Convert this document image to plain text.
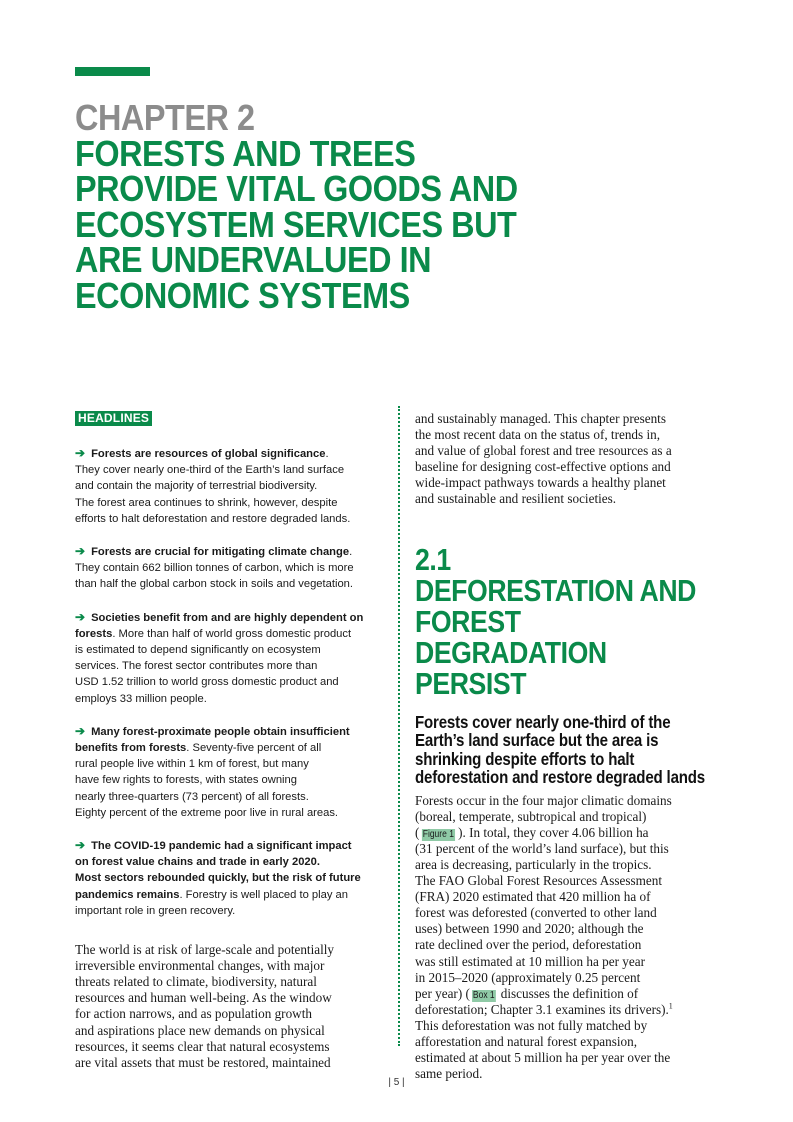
CHAPTER 2
FORESTS AND TREES
PROVIDE VITAL GOODS AND
ECOSYSTEM SERVICES BUT
ARE UNDERVALUED IN
ECONOMIC SYSTEMS
HEADLINES

➔ Forests are resources of global significance.
They cover nearly one-third of the Earth’s land surface
and contain the majority of terrestrial biodiversity.
The forest area continues to shrink, however, despite
efforts to halt deforestation and restore degraded lands.

➔ Forests are crucial for mitigating climate change.
They contain 662 billion tonnes of carbon, which is more
than half the global carbon stock in soils and vegetation.

➔ Societies benefit from and are highly dependent on
forests. More than half of world gross domestic product
is estimated to depend significantly on ecosystem
services. The forest sector contributes more than
USD 1.52 trillion to world gross domestic product and
employs 33 million people.

➔ Many forest-proximate people obtain insufficient
benefits from forests. Seventy-five percent of all
rural people live within 1 km of forest, but many
have few rights to forests, with states owning
nearly three-quarters (73 percent) of all forests.
Eighty percent of the extreme poor live in rural areas.

➔ The COVID-19 pandemic had a significant impact
on forest value chains and trade in early 2020.
Most sectors rebounded quickly, but the risk of future
pandemics remains. Forestry is well placed to play an
important role in green recovery.

The world is at risk of large-scale and potentially
irreversible environmental changes, with major
threats related to climate, biodiversity, natural
resources and human well-being. As the window
for action narrows, and as population growth
and aspirations place new demands on physical
resources, it seems clear that natural ecosystems
are vital assets that must be restored, maintained

and sustainably managed. This chapter presents
the most recent data on the status of, trends in,
and value of global forest and tree resources as a
baseline for designing cost-effective options and
wide-impact pathways towards a healthy planet
and sustainable and resilient societies.

2.1
DEFORESTATION AND
FOREST DEGRADATION
PERSIST
Forests cover nearly one-third of the
Earth’s land surface but the area is
shrinking despite efforts to halt
deforestation and restore degraded lands

Forests occur in the four major climatic domains
(boreal, temperate, subtropical and tropical)
( Figure 1 ). In total, they cover 4.06 billion ha
(31 percent of the world’s land surface), but this
area is decreasing, particularly in the tropics.
The FAO Global Forest Resources Assessment
(FRA) 2020 estimated that 420 million ha of
forest was deforested (converted to other land
uses) between 1990 and 2020; although the
rate declined over the period, deforestation
was still estimated at 10 million ha per year
in 2015–2020 (approximately 0.25 percent
per year) ( Box 1 discusses the definition of
deforestation; Chapter 3.1 examines its drivers).$^1$
This deforestation was not fully matched by
afforestation and natural forest expansion,
estimated at about 5 million ha per year over the
same period.

| 5 |
